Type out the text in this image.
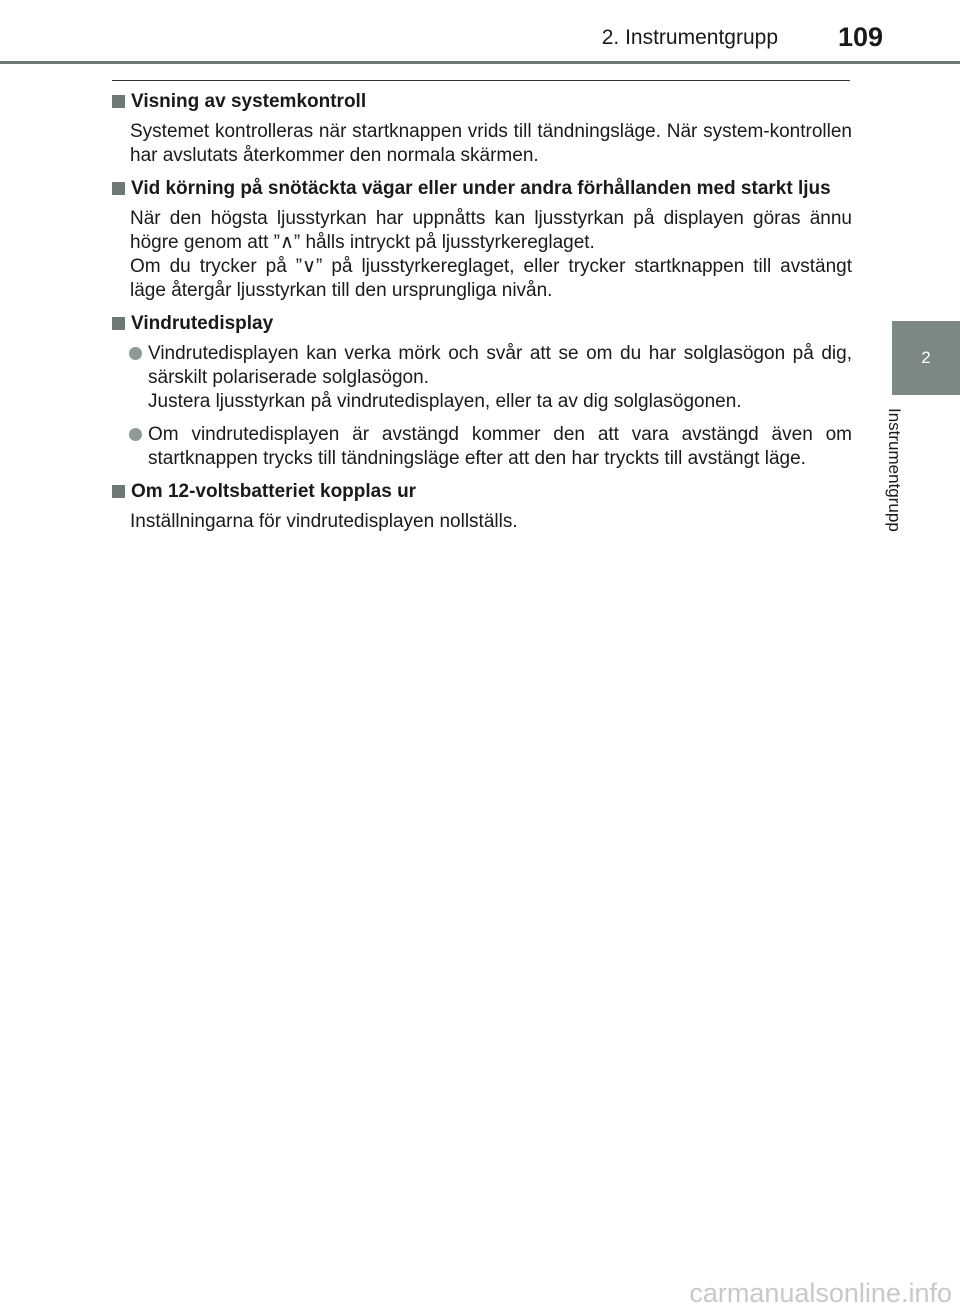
2. Instrumentgrupp 109
2
Instrumentgrupp
Visning av systemkontroll

Systemet kontrolleras när startknappen vrids till tändningsläge. När system-kontrollen har avslutats återkommer den normala skärmen.

Vid körning på snötäckta vägar eller under andra förhållanden med starkt ljus

När den högsta ljusstyrkan har uppnåtts kan ljusstyrkan på displayen göras ännu högre genom att ”∧” hålls intryckt på ljusstyrkereglaget.

Om du trycker på ”∨” på ljusstyrkereglaget, eller trycker startknappen till avstängt läge återgår ljusstyrkan till den ursprungliga nivån.

Vindrutedisplay

Vindrutedisplayen kan verka mörk och svår att se om du har solglasögon på dig, särskilt polariserade solglasögon.

Justera ljusstyrkan på vindrutedisplayen, eller ta av dig solglasögonen.

Om vindrutedisplayen är avstängd kommer den att vara avstängd även om startknappen trycks till tändningsläge efter att den har tryckts till avstängt läge.

Om 12-voltsbatteriet kopplas ur

Inställningarna för vindrutedisplayen nollställs.

carmanualsonline.info
